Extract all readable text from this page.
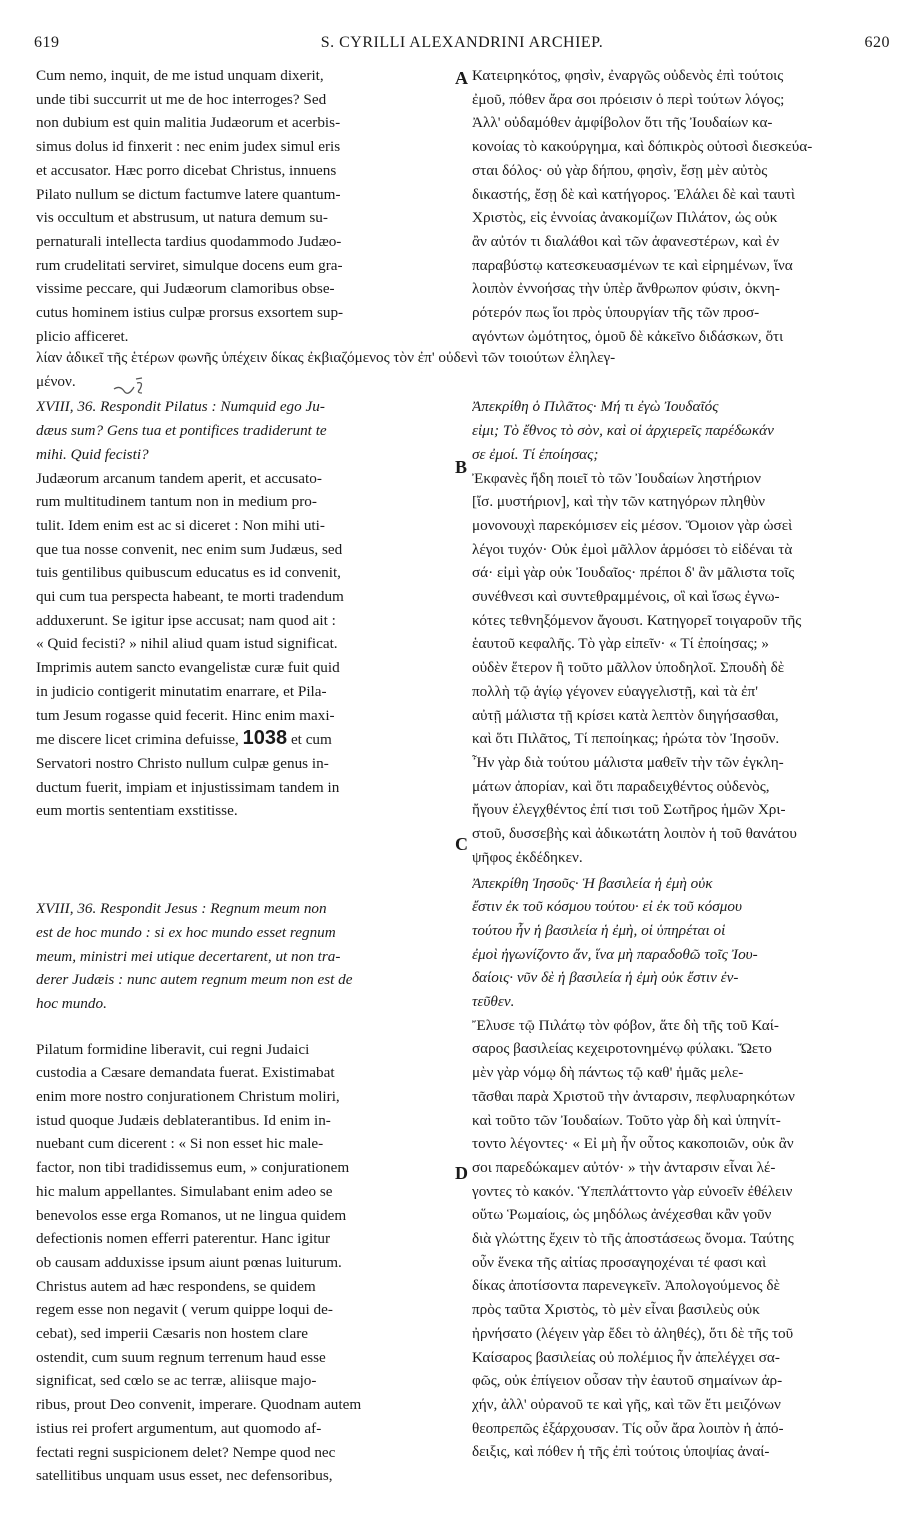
619	S. CYRILLI ALEXANDRINI ARCHIEP.	620
Cum nemo, inquit, de me istud unquam dixerit,
unde tibi succurrit ut me de hoc interroges? Sed
non dubium est quin malitia Judæorum et acerbis-
simus dolus id finxerit : nec enim judex simul eris
et accusator. Hæc porro dicebat Christus, innuens
Pilato nullum se dictum factumve latere quantum-
vis occultum et abstrusum, ut natura demum su-
pernaturali intellecta tardius quodammodo Judæo-
rum crudelitati serviret, simulque docens eum gra-
vissime peccare, qui Judæorum clamoribus obse-
cutus hominem istius culpæ prorsus exsortem sup-
plicio afficeret.
XVIII, 36. Respondit Pilatus : Numquid ego Ju-
dæus sum? Gens tua et pontifices tradiderunt te
mihi. Quid fecisti?
Judæorum arcanum tandem aperit, et accusato-
rum multitudinem tantum non in medium pro-
tulit. Idem enim est ac si diceret : Non mihi uti-
que tua nosse convenit, nec enim sum Judæus, sed
tuis gentilibus quibuscum educatus es id convenit,
qui cum tua perspecta habeant, te morti tradendum
adduxerunt. Se igitur ipse accusat; nam quod ait :
« Quid fecisti? » nihil aliud quam istud significat.
Imprimis autem sancto evangelistæ curæ fuit quid
in judicio contigerit minutatim enarrare, et Pila-
tum Jesum rogasse quid fecerit. Hinc enim maxi-
me discere licet crimina defuisse, 1038 et cum
Servatori nostro Christo nullum culpæ genus in-
ductum fuerit, impiam et injustissimam tandem in
eum mortis sententiam exstitisse.
XVIII, 36. Respondit Jesus : Regnum meum non
est de hoc mundo : si ex hoc mundo esset regnum
meum, ministri mei utique decertarent, ut non tra-
derer Judæis : nunc autem regnum meum non est de
hoc mundo.
Pilatum formidine liberavit, cui regni Judaici
custodia a Cæsare demandata fuerat. Existimabat
enim more nostro conjurationem Christum moliri,
istud quoque Judæis deblaterantibus. Id enim in-
nuebant cum dicerent : « Si non esset hic male-
factor, non tibi tradidissemus eum, » conjurationem
hic malum appellantes. Simulabant enim adeo se
benevolos esse erga Romanos, ut ne lingua quidem
defectionis nomen efferri paterentur. Hanc igitur
ob causam adduxisse ipsum aiunt pœnas luiturum.
Christus autem ad hæc respondens, se quidem
regem esse non negavit ( verum quippe loqui de-
cebat), sed imperii Cæsaris non hostem clare
ostendit, cum suum regnum terrenum haud esse
significat, sed cœlo se ac terræ, aliisque majo-
ribus, prout Deo convenit, imperare. Quodnam autem
istius rei profert argumentum, aut quomodo af-
fectati regni suspicionem delet? Nempe quod nec
satellitibus unquam usus esset, nec defensoribus,
Κατειρηκότος, φησὶν, ἐναργῶς οὐδενὸς ἐπὶ τούτοις
ἐμοῦ, πόθεν ἄρα σοι πρόεισιν ὁ περὶ τούτων λόγος;
Ἀλλ' οὐδαμόθεν ἀμφίβολον ὅτι τῆς Ἰουδαίων κα-
κονοίας τὸ κακούργημα, καὶ δόπικρὸς οὑτοσὶ διεσκεύα-
σται δόλος· οὐ γὰρ δήπου, φησὶν, ἔσῃ μὲν αὐτὸς
δικαστής, ἔσῃ δὲ καὶ κατήγορος. Ἐλάλει δὲ καὶ ταυτὶ
Χριστὸς, εἰς ἐννοίας ἀνακομίζων Πιλάτον, ὡς οὐκ
ἂν αὐτόν τι διαλάθοι καὶ τῶν ἀφανεστέρων, καὶ ἐν
παραβύστῳ κατεσκευασμένων τε καὶ εἰρημένων, ἵνα
λοιπὸν ἐννοήσας τὴν ὑπὲρ ἄνθρωπον φύσιν, ὀκνη-
ρότερόν πως ἴοι πρὸς ὑπουργίαν τῆς τῶν προσ-
αγόντων ὠμότητος, ὁμοῦ δὲ κἀκεῖνο διδάσκων, ὅτι
Ἀπεκρίθη ὁ Πιλᾶτος· Μή τι ἐγὼ Ἰουδαῖός
εἰμι; Τὸ ἔθνος τὸ σὸν, καὶ οἱ ἀρχιερεῖς παρέδωκάν
σε ἐμοί. Τί ἐποίησας;
Ἐκφανὲς ἤδη ποιεῖ τὸ τῶν Ἰουδαίων ληστήριον
[ἴσ. μυστήριον], καὶ τὴν τῶν κατηγόρων πληθὺν
μονονουχὶ παρεκόμισεν εἰς μέσον. Ὅμοιον γὰρ ὡσεὶ
λέγοι τυχόν· Οὐκ ἐμοὶ μᾶλλον ἁρμόσει τὸ εἰδέναι τὰ
σά· εἰμὶ γὰρ οὐκ Ἰουδαῖος· πρέποι δ' ἂν μᾶλιστα τοῖς
συνέθνεσι καὶ συντεθραμμένοις, οἳ καὶ ἴσως ἐγνω-
κότες τεθνηξόμενον ἄγουσι. Κατηγορεῖ τοιγαροῦν τῆς
ἑαυτοῦ κεφαλῆς. Τὸ γὰρ εἰπεῖν· « Τί ἐποίησας; »
οὐδὲν ἕτερον ἢ τοῦτο μᾶλλον ὑποδηλοῖ. Σπουδὴ δὲ
πολλὴ τῷ ἁγίῳ γέγονεν εὐαγγελιστῇ, καὶ τὰ ἐπ'
αὐτῇ μάλιστα τῇ κρίσει κατὰ λεπτὸν διηγήσασθαι,
καὶ ὅτι Πιλᾶτος, Τί πεποίηκας; ἠρώτα τὸν Ἰησοῦν.
Ἦν γὰρ διὰ τούτου μάλιστα μαθεῖν τὴν τῶν ἐγκλη-
μάτων ἀπορίαν, καὶ ὅτι παραδειχθέντος οὐδενὸς,
ἤγουν ἐλεγχθέντος ἐπί τισι τοῦ Σωτῆρος ἡμῶν Χρι-
στοῦ, δυσσεβὴς καὶ ἀδικωτάτη λοιπὸν ἡ τοῦ θανάτου
ψῆφος ἐκδέδηκεν.
Ἀπεκρίθη Ἰησοῦς· Ἡ βασιλεία ἡ ἐμὴ οὐκ
ἔστιν ἐκ τοῦ κόσμου τούτου· εἰ ἐκ τοῦ κόσμου
τούτου ἦν ἡ βασιλεία ἡ ἐμὴ, οἱ ὑπηρέται οἱ
ἐμοὶ ἠγωνίζοντο ἄν, ἵνα μὴ παραδοθῶ τοῖς Ἰου-
δαίοις· νῦν δὲ ἡ βασιλεία ἡ ἐμὴ οὐκ ἔστιν ἐν-
τεῦθεν.
Ἔλυσε τῷ Πιλάτῳ τὸν φόβον, ἅτε δὴ τῆς τοῦ Καί-
σαρος βασιλείας κεχειροτονημένῳ φύλακι. Ὤετο
μὲν γὰρ νόμῳ δὴ πάντως τῷ καθ' ἡμᾶς μελε-
τᾶσθαι παρὰ Χριστοῦ τὴν ἀνταρσιν, πεφλυαρηκότων
καὶ τοῦτο τῶν Ἰουδαίων. Τοῦτο γὰρ δὴ καὶ ὑπηνίτ-
τοντο λέγοντες· « Εἰ μὴ ἦν οὗτος κακοποιῶν, οὐκ ἂν
σοι παρεδώκαμεν αὐτόν· » τὴν ἀνταρσιν εἶναι λέ-
γοντες τὸ κακόν. Ὑπεπλάττοντο γὰρ εὐνοεῖν ἐθέλειν
οὕτω Ῥωμαίοις, ὡς μηδόλως ἀνέχεσθαι κἂν γοῦν
διὰ γλώττης ἔχειν τὸ τῆς ἀποστάσεως ὄνομα. Ταύτης
οὖν ἕνεκα τῆς αἰτίας προσαγηοχέναι τέ φασι καὶ
δίκας ἀποτίσοντα παρενεγκεῖν. Ἀπολογούμενος δὲ
πρὸς ταῦτα Χριστὸς, τὸ μὲν εἶναι βασιλεὺς οὐκ
ἠρνήσατο (λέγειν γὰρ ἔδει τὸ ἀληθές), ὅτι δὲ τῆς τοῦ
Καίσαρος βασιλείας οὐ πολέμιος ἦν ἀπελέγχει σα-
φῶς, οὐκ ἐπίγειον οὖσαν τὴν ἑαυτοῦ σημαίνων ἀρ-
χήν, ἀλλ' οὐρανοῦ τε καὶ γῆς, καὶ τῶν ἔτι μειζόνων
θεοπρεπῶς ἐξάρχουσαν. Τίς οὖν ἄρα λοιπὸν ἡ ἀπό-
δειξις, καὶ πόθεν ἡ τῆς ἐπὶ τούτοις ὑποψίας ἀναί-
λίαν ἀδικεῖ τῆς ἑτέρων φωνῆς ὑπέχειν δίκας ἐκβιαζόμενος τὸν ἐπ' οὐδενὶ τῶν τοιούτων ἐληλεγ-
μένον.
A
B
C
D
